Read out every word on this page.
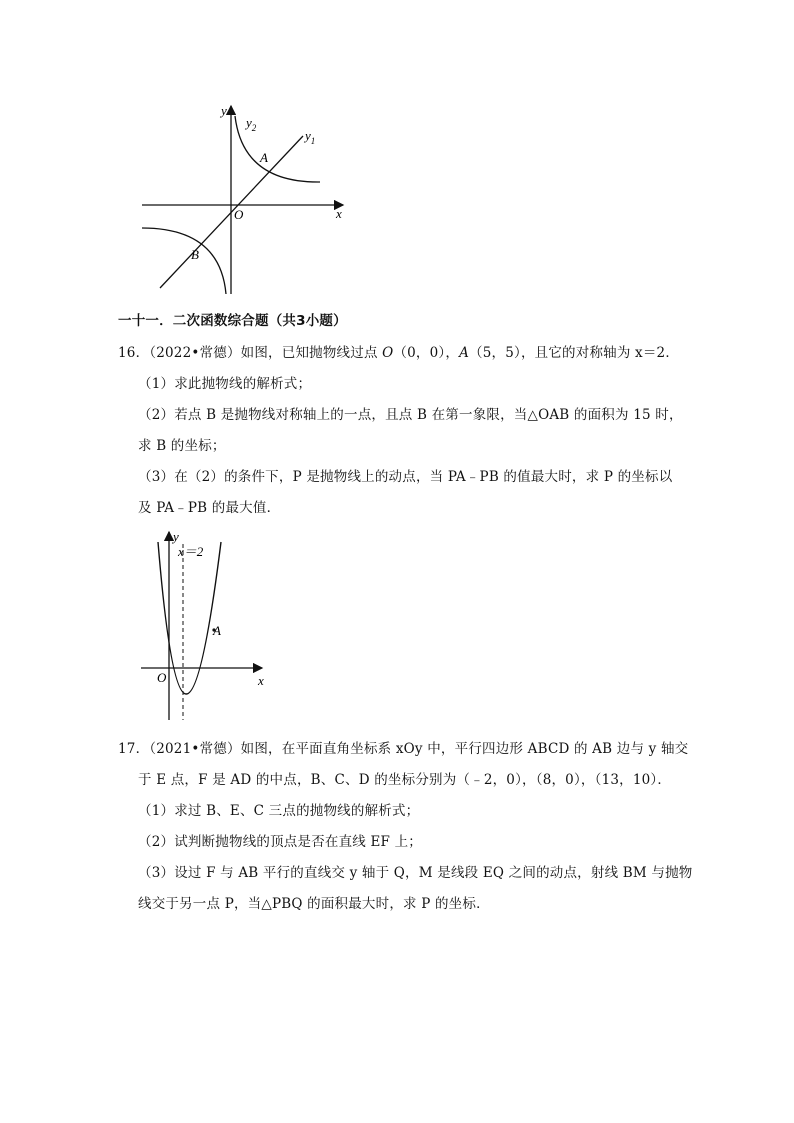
y
$y_2$	$y_1$
A
O	x
B
一十一．二次函数综合题（共3小题）
16．（2022•常德）如图，已知抛物线过点 O（0，0），A（5，5），且它的对称轴为 x＝2．
（1）求此抛物线的解析式；
（2）若点 B 是抛物线对称轴上的一点，且点 B 在第一象限，当△OAB 的面积为 15 时，
求 B 的坐标；
（3）在（2）的条件下，P 是抛物线上的动点，当 PA﹣PB 的值最大时，求 P 的坐标以
及 PA﹣PB 的最大值．
y
x＝2
A
O	x
17．（2021•常德）如图，在平面直角坐标系 xOy 中，平行四边形 ABCD 的 AB 边与 y 轴交
于 E 点，F 是 AD 的中点，B、C、D 的坐标分别为（﹣2，0），（8，0），（13，10）．
（1）求过 B、E、C 三点的抛物线的解析式；
（2）试判断抛物线的顶点是否在直线 EF 上；
（3）设过 F 与 AB 平行的直线交 y 轴于 Q，M 是线段 EQ 之间的动点，射线 BM 与抛物
线交于另一点 P，当△PBQ 的面积最大时，求 P 的坐标．
